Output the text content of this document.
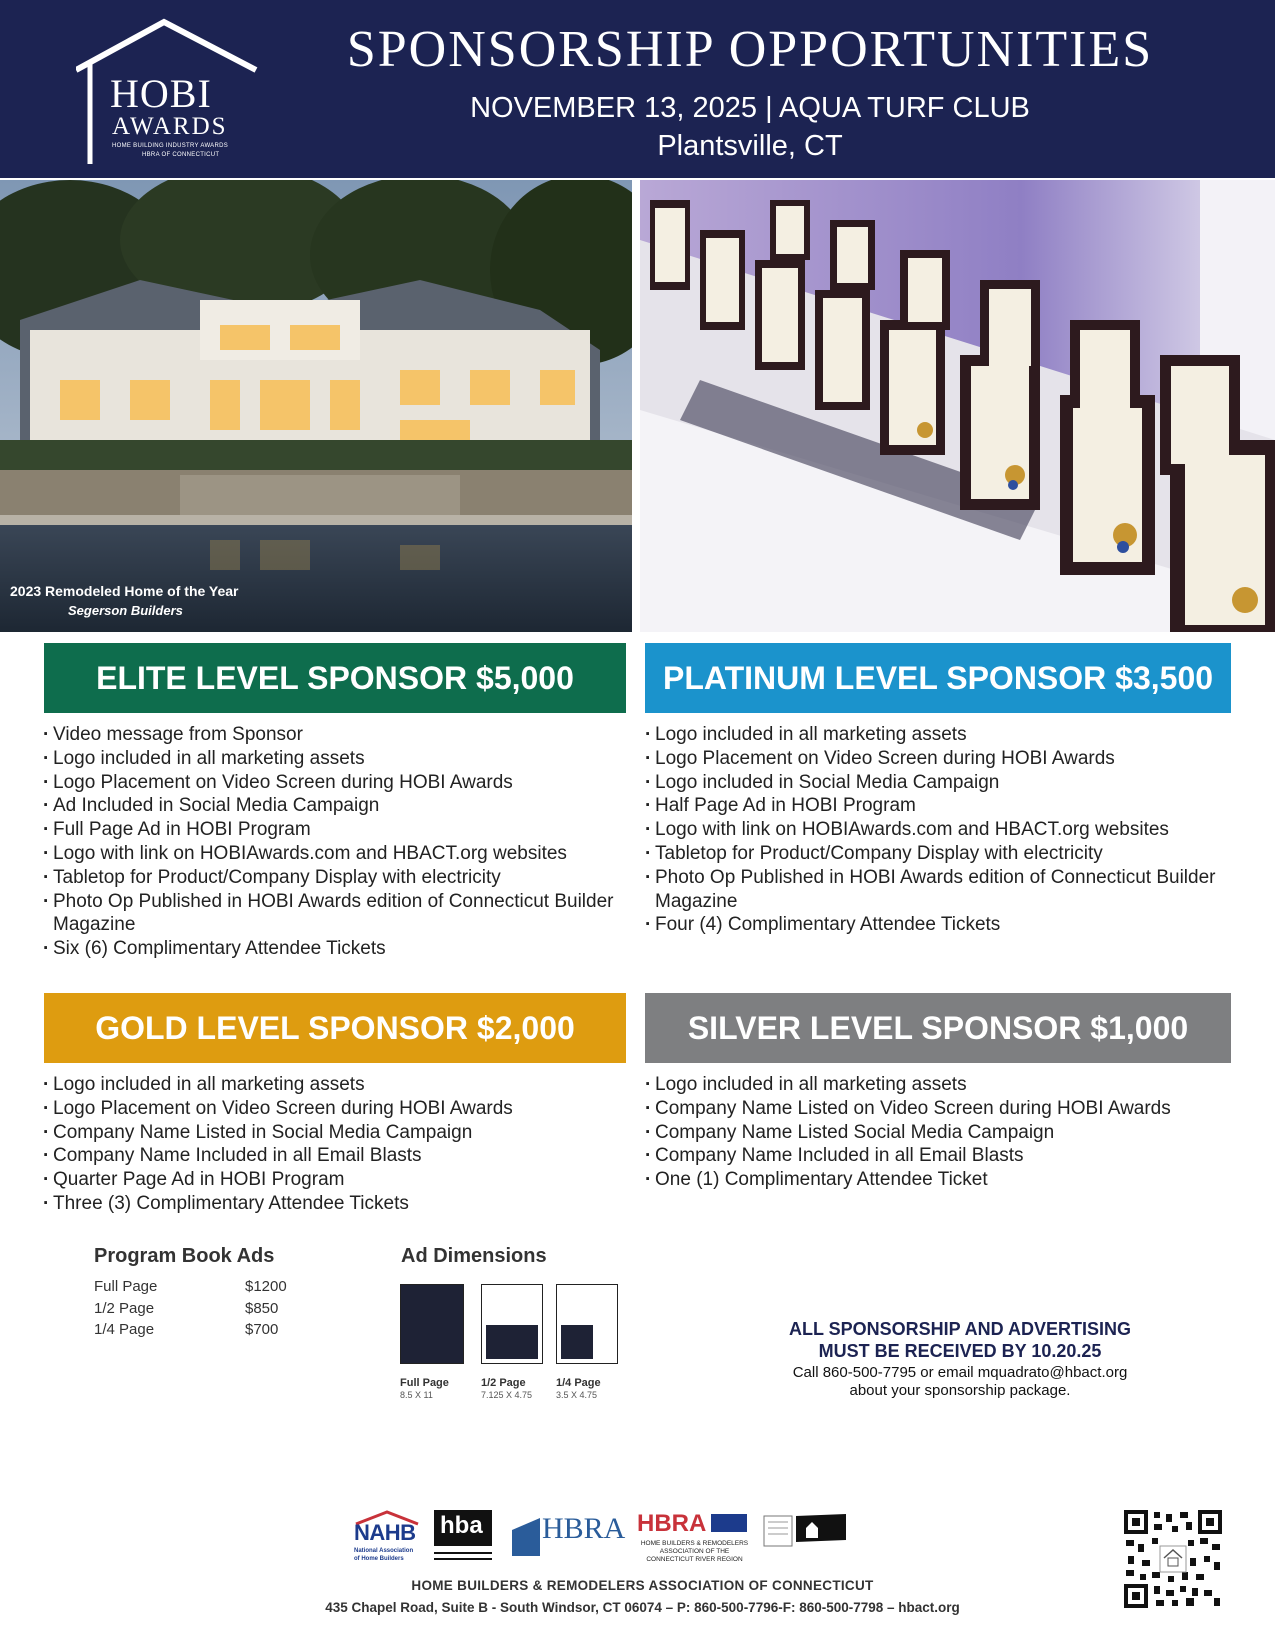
HOBI
AWARDS
HOME BUILDING INDUSTRY AWARDS
HBRA OF CONNECTICUT
SPONSORSHIP OPPORTUNITIES
NOVEMBER 13, 2025 | AQUA TURF CLUB
Plantsville, CT
2023 Remodeled Home of the Year
Segerson Builders
ELITE LEVEL SPONSOR $5,000	PLATINUM LEVEL SPONSOR $3,500
· Video message from Sponsor
· Logo included in all marketing assets
· Logo Placement on Video Screen during HOBI Awards
· Ad Included in Social Media Campaign
· Full Page Ad in HOBI Program
· Logo with link on HOBIAwards.com and HBACT.org websites
· Tabletop for Product/Company Display with electricity
· Photo Op Published in HOBI Awards edition of Connecticut Builder Magazine
· Six (6) Complimentary Attendee Tickets
· Logo included in all marketing assets
· Logo Placement on Video Screen during HOBI Awards
· Logo included in Social Media Campaign
· Half Page Ad in HOBI Program
· Logo with link on HOBIAwards.com and HBACT.org websites
· Tabletop for Product/Company Display with electricity
· Photo Op Published in HOBI Awards edition of Connecticut Builder Magazine
· Four (4) Complimentary Attendee Tickets
GOLD LEVEL SPONSOR $2,000	SILVER LEVEL SPONSOR $1,000
· Logo included in all marketing assets
· Logo Placement on Video Screen during HOBI Awards
· Company Name Listed in Social Media Campaign
· Company Name Included in all Email Blasts
· Quarter Page Ad in HOBI Program
· Three (3) Complimentary Attendee Tickets
· Logo included in all marketing assets
· Company Name Listed on Video Screen during HOBI Awards
· Company Name Listed Social Media Campaign
· Company Name Included in all Email Blasts
· One (1) Complimentary Attendee Ticket
Program Book Ads
Full Page	$1200
1/2 Page	$850
1/4 Page	$700
Ad Dimensions
Full Page
8.5 X 11
1/2 Page
7.125 X 4.75
1/4 Page
3.5 X 4.75
ALL SPONSORSHIP AND ADVERTISING
MUST BE RECEIVED BY 10.20.25
Call 860-500-7795 or email mquadrato@hbact.org
about your sponsorship package.
NAHB
National Association
of Home Builders
hba HBRA HBRA
HOME BUILDERS & REMODELERS
ASSOCIATION OF THE
CONNECTICUT RIVER REGION
HOME BUILDERS & REMODELERS ASSOCIATION OF CONNECTICUT
435 Chapel Road, Suite B - South Windsor, CT 06074 – P: 860-500-7796-F: 860-500-7798 – hbact.org
